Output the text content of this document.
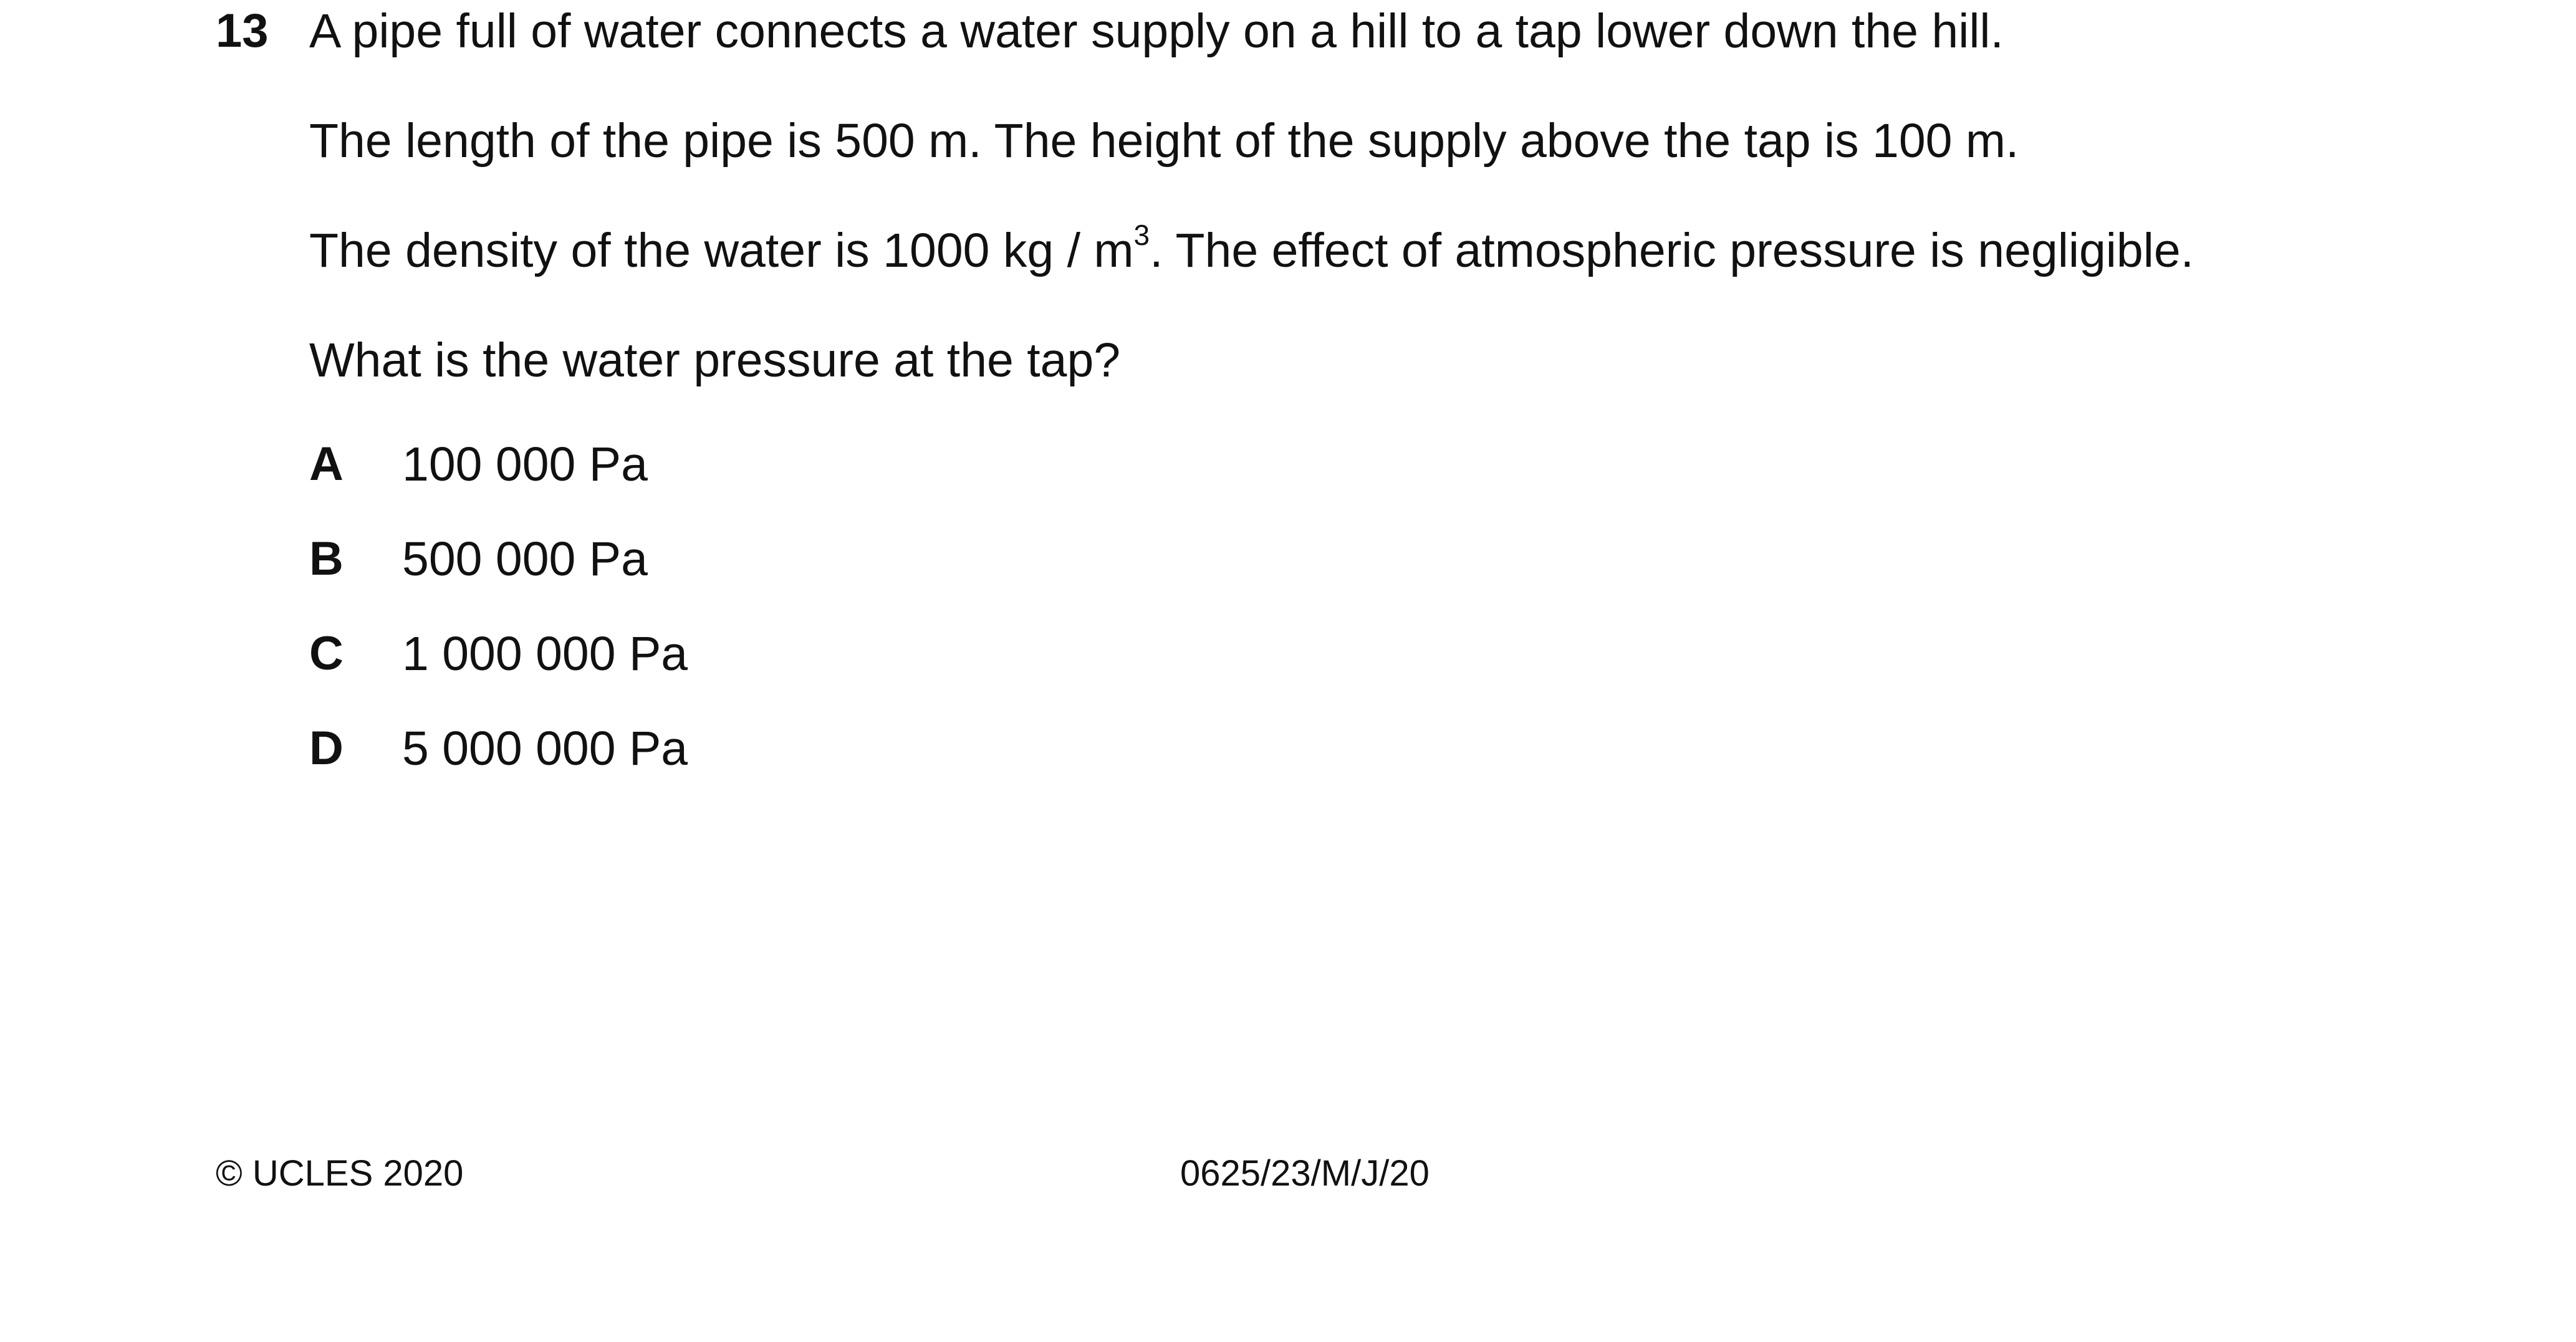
13 A pipe full of water connects a water supply on a hill to a tap lower down the hill.
The length of the pipe is 500 m. The height of the supply above the tap is 100 m.
The density of the water is 1000 kg / $m^3$. The effect of atmospheric pressure is negligible.
What is the water pressure at the tap?
A 100 000 Pa
B 500 000 Pa
C 1 000 000 Pa
D 5 000 000 Pa
© UCLES 2020	0625/23/M/J/20
